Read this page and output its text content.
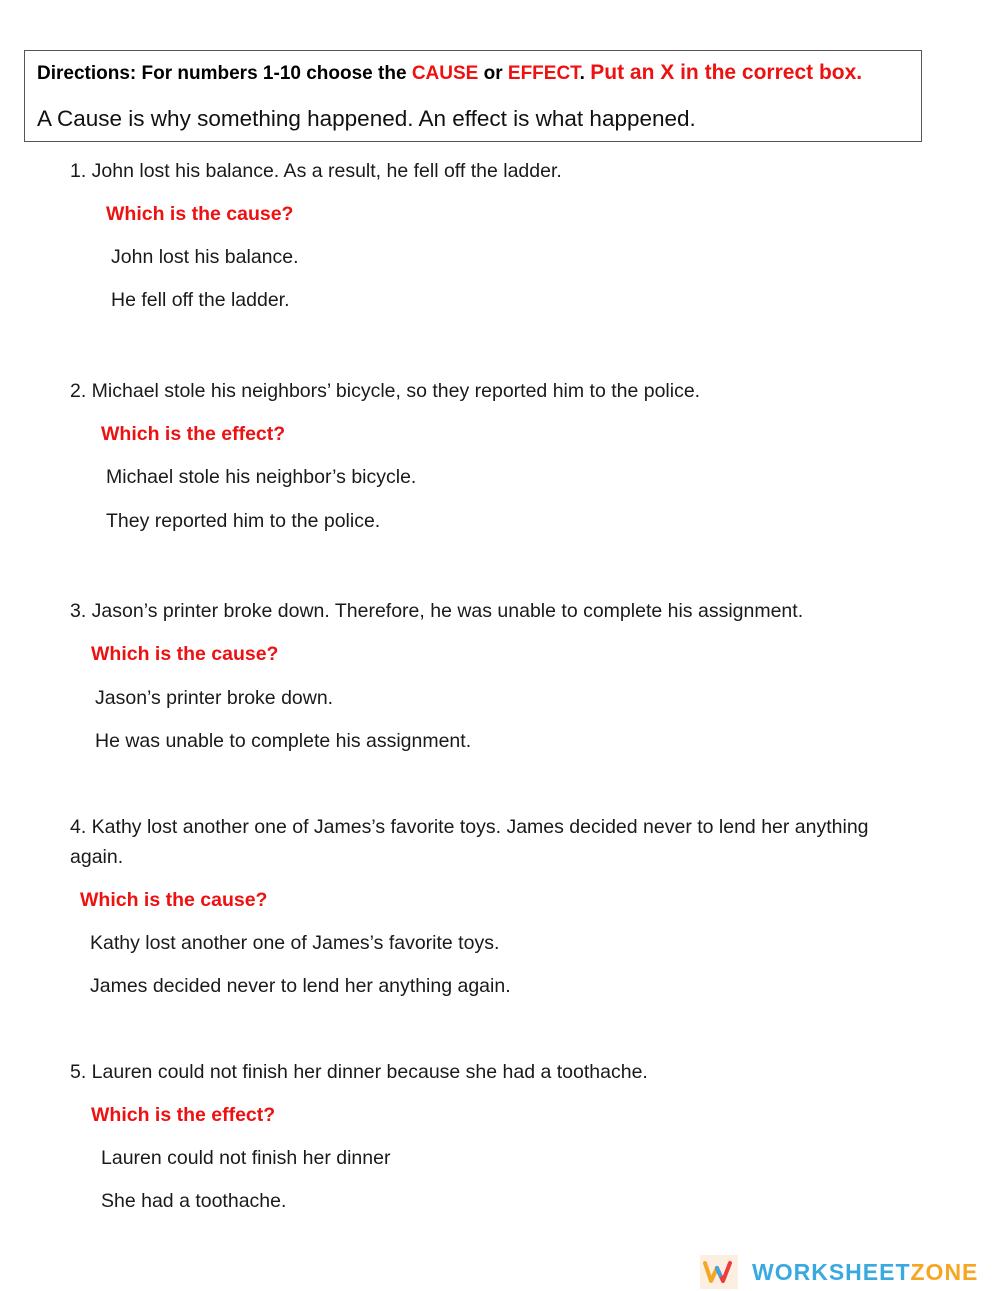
Directions: For numbers 1-10 choose the CAUSE or EFFECT. Put an X in the correct box.
A Cause is why something happened. An effect is what happened.
1. John lost his balance. As a result, he fell off the ladder.
Which is the cause?
John lost his balance.
He fell off the ladder.
2. Michael stole his neighbors’ bicycle, so they reported him to the police.
Which is the effect?
Michael stole his neighbor’s bicycle.
They reported him to the police.
3. Jason’s printer broke down. Therefore, he was unable to complete his assignment.
Which is the cause?
Jason’s printer broke down.
He was unable to complete his assignment.
4. Kathy lost another one of James’s favorite toys. James decided never to lend her anything
again.
Which is the cause?
Kathy lost another one of James’s favorite toys.
James decided never to lend her anything again.
5. Lauren could not finish her dinner because she had a toothache.
Which is the effect?
Lauren could not finish her dinner
She had a toothache.
WORKSHEETZONE
